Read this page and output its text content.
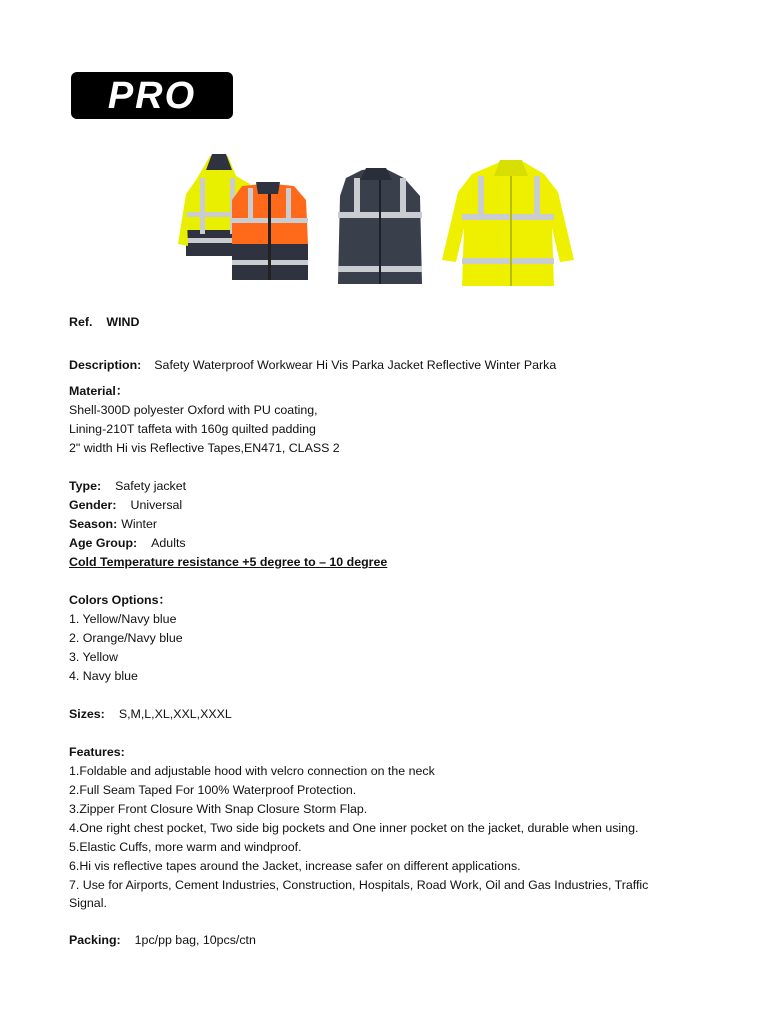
PRO
Ref. WIND
Description: Safety Waterproof Workwear Hi Vis Parka Jacket Reflective Winter Parka
Material：
Shell-300D polyester Oxford with PU coating,
Lining-210T taffeta with 160g quilted padding
2" width Hi vis Reflective Tapes,EN471, CLASS 2
Type: Safety jacket
Gender: Universal
Season: Winter
Age Group: Adults
Cold Temperature resistance +5 degree to – 10 degree
Colors Options：
1. Yellow/Navy blue
2. Orange/Navy blue
3. Yellow
4. Navy blue
Sizes: S,M,L,XL,XXL,XXXL
Features:
1.Foldable and adjustable hood with velcro connection on the neck
2.Full Seam Taped For 100% Waterproof Protection.
3.Zipper Front Closure With Snap Closure Storm Flap.
4.One right chest pocket, Two side big pockets and One inner pocket on the jacket, durable when using.
5.Elastic Cuffs, more warm and windproof.
6.Hi vis reflective tapes around the Jacket, increase safer on different applications.
7. Use for Airports, Cement Industries, Construction, Hospitals, Road Work, Oil and Gas Industries, Traffic Signal.
Packing: 1pc/pp bag, 10pcs/ctn
